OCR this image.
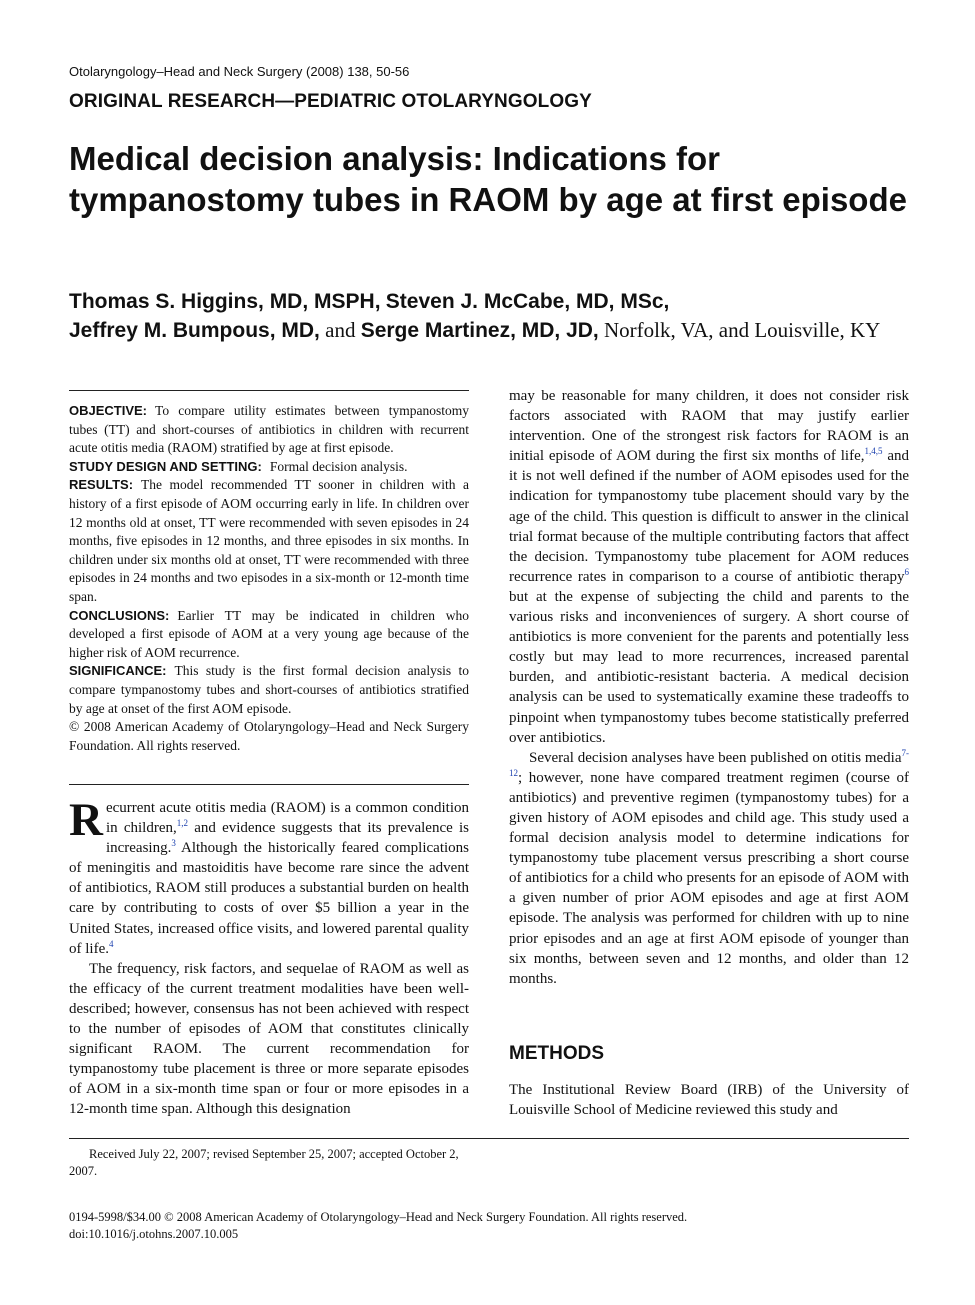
Otolaryngology–Head and Neck Surgery (2008) 138, 50-56
ORIGINAL RESEARCH—PEDIATRIC OTOLARYNGOLOGY
Medical decision analysis: Indications for tympanostomy tubes in RAOM by age at first episode
Thomas S. Higgins, MD, MSPH, Steven J. McCabe, MD, MSc,
Jeffrey M. Bumpous, MD, and Serge Martinez, MD, JD, Norfolk, VA, and Louisville, KY

OBJECTIVE: To compare utility estimates between tympanostomy tubes (TT) and short-courses of antibiotics in children with recurrent acute otitis media (RAOM) stratified by age at first episode.

STUDY DESIGN AND SETTING: Formal decision analysis.

RESULTS: The model recommended TT sooner in children with a history of a first episode of AOM occurring early in life. In children over 12 months old at onset, TT were recommended with seven episodes in 24 months, five episodes in 12 months, and three episodes in six months. In children under six months old at onset, TT were recommended with three episodes in 24 months and two episodes in a six-month or 12-month time span.

CONCLUSIONS: Earlier TT may be indicated in children who developed a first episode of AOM at a very young age because of the higher risk of AOM recurrence.

SIGNIFICANCE: This study is the first formal decision analysis to compare tympanostomy tubes and short-courses of antibiotics stratified by age at onset of the first AOM episode.

© 2008 American Academy of Otolaryngology–Head and Neck Surgery Foundation. All rights reserved.

Recurrent acute otitis media (RAOM) is a common condition in children,$^{1,2}$ and evidence suggests that its prevalence is increasing.$^3$ Although the historically feared complications of meningitis and mastoiditis have become rare since the advent of antibiotics, RAOM still produces a substantial burden on health care by contributing to costs of over $5 billion a year in the United States, increased office visits, and lowered parental quality of life.$^4$

The frequency, risk factors, and sequelae of RAOM as well as the efficacy of the current treatment modalities have been well-described; however, consensus has not been achieved with respect to the number of episodes of AOM that constitutes clinically significant RAOM. The current recommendation for tympanostomy tube placement is three or more separate episodes of AOM in a six-month time span or four or more episodes in a 12-month time span. Although this designation

may be reasonable for many children, it does not consider risk factors associated with RAOM that may justify earlier intervention. One of the strongest risk factors for RAOM is an initial episode of AOM during the first six months of life,$^{1,4,5}$ and it is not well defined if the number of AOM episodes used for the indication for tympanostomy tube placement should vary by the age of the child. This question is difficult to answer in the clinical trial format because of the multiple contributing factors that affect the decision. Tympanostomy tube placement for AOM reduces recurrence rates in comparison to a course of antibiotic therapy$^6$ but at the expense of subjecting the child and parents to the various risks and inconveniences of surgery. A short course of antibiotics is more convenient for the parents and potentially less costly but may lead to more recurrences, increased parental burden, and antibiotic-resistant bacteria. A medical decision analysis can be used to systematically examine these tradeoffs to pinpoint when tympanostomy tubes become statistically preferred over antibiotics.

Several decision analyses have been published on otitis media$^{7-12}$; however, none have compared treatment regimen (course of antibiotics) and preventive regimen (tympanostomy tubes) for a given history of AOM episodes and child age. This study used a formal decision analysis model to determine indications for tympanostomy tube placement versus prescribing a short course of antibiotics for a child who presents for an episode of AOM with a given number of prior AOM episodes and age at first AOM episode. The analysis was performed for children with up to nine prior episodes and an age at first AOM episode of younger than six months, between seven and 12 months, and older than 12 months.

METHODS

The Institutional Review Board (IRB) of the University of Louisville School of Medicine reviewed this study and

Received July 22, 2007; revised September 25, 2007; accepted October 2, 2007.

0194-5998/$34.00 © 2008 American Academy of Otolaryngology–Head and Neck Surgery Foundation. All rights reserved.
doi:10.1016/j.otohns.2007.10.005
